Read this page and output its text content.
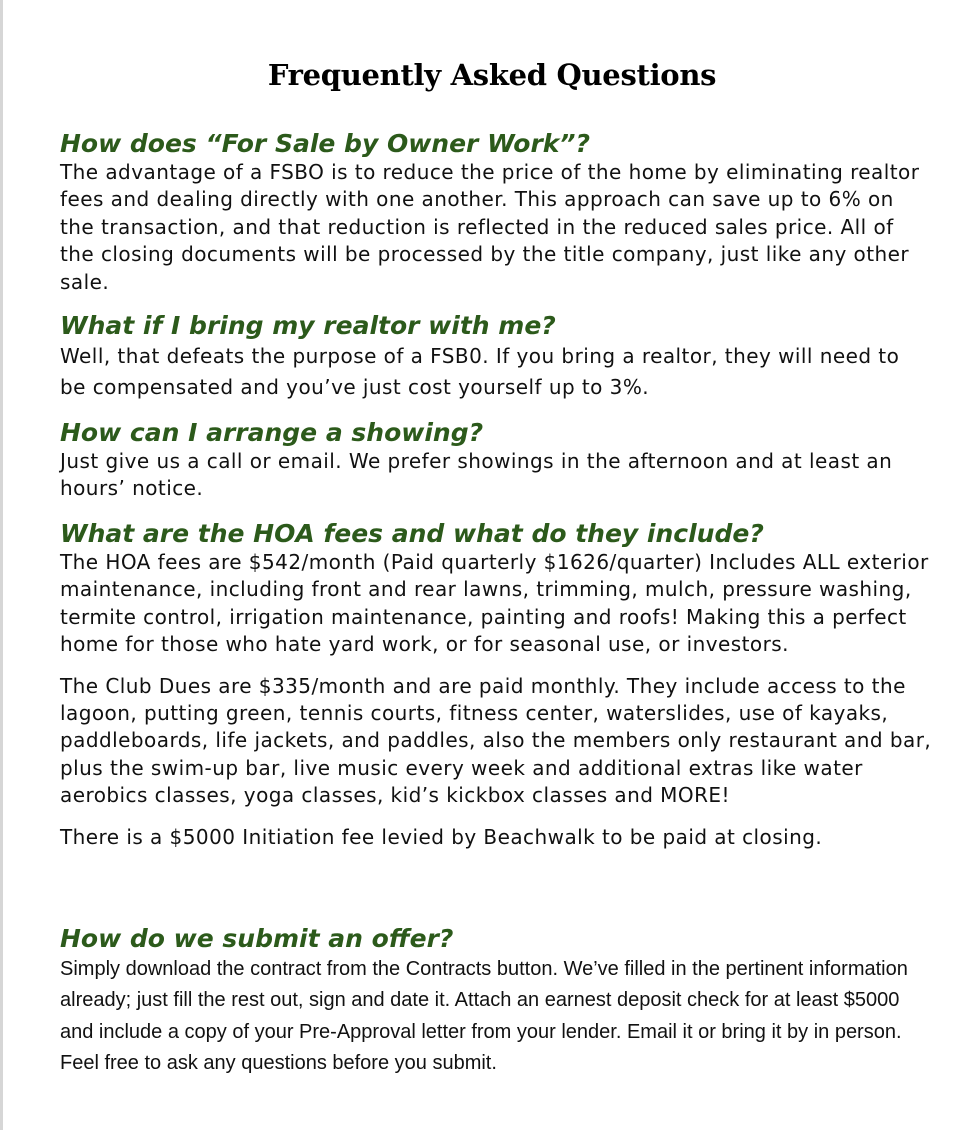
Frequently Asked Questions

How does “For Sale by Owner Work”?

The advantage of a FSBO is to reduce the price of the home by eliminating realtor fees and dealing directly with one another. This approach can save up to 6% on the transaction, and that reduction is reflected in the reduced sales price. All of the closing documents will be processed by the title company, just like any other sale.

What if I bring my realtor with me?

Well, that defeats the purpose of a FSB0. If you bring a realtor, they will need to be compensated and you’ve just cost yourself up to 3%.

How can I arrange a showing?

Just give us a call or email. We prefer showings in the afternoon and at least an hours’ notice.

What are the HOA fees and what do they include?

The HOA fees are $542/month (Paid quarterly $1626/quarter) Includes ALL exterior maintenance, including front and rear lawns, trimming, mulch, pressure washing, termite control, irrigation maintenance, painting and roofs! Making this a perfect home for those who hate yard work, or for seasonal use, or investors.

The Club Dues are $335/month and are paid monthly. They include access to the lagoon, putting green, tennis courts, fitness center, waterslides, use of kayaks, paddleboards, life jackets, and paddles, also the members only restaurant and bar, plus the swim-up bar, live music every week and additional extras like water aerobics classes, yoga classes, kid’s kickbox classes and MORE!

There is a $5000 Initiation fee levied by Beachwalk to be paid at closing.

How do we submit an offer?

Simply download the contract from the Contracts button. We’ve filled in the pertinent information already; just fill the rest out, sign and date it. Attach an earnest deposit check for at least $5000 and include a copy of your Pre-Approval letter from your lender. Email it or bring it by in person. Feel free to ask any questions before you submit.
